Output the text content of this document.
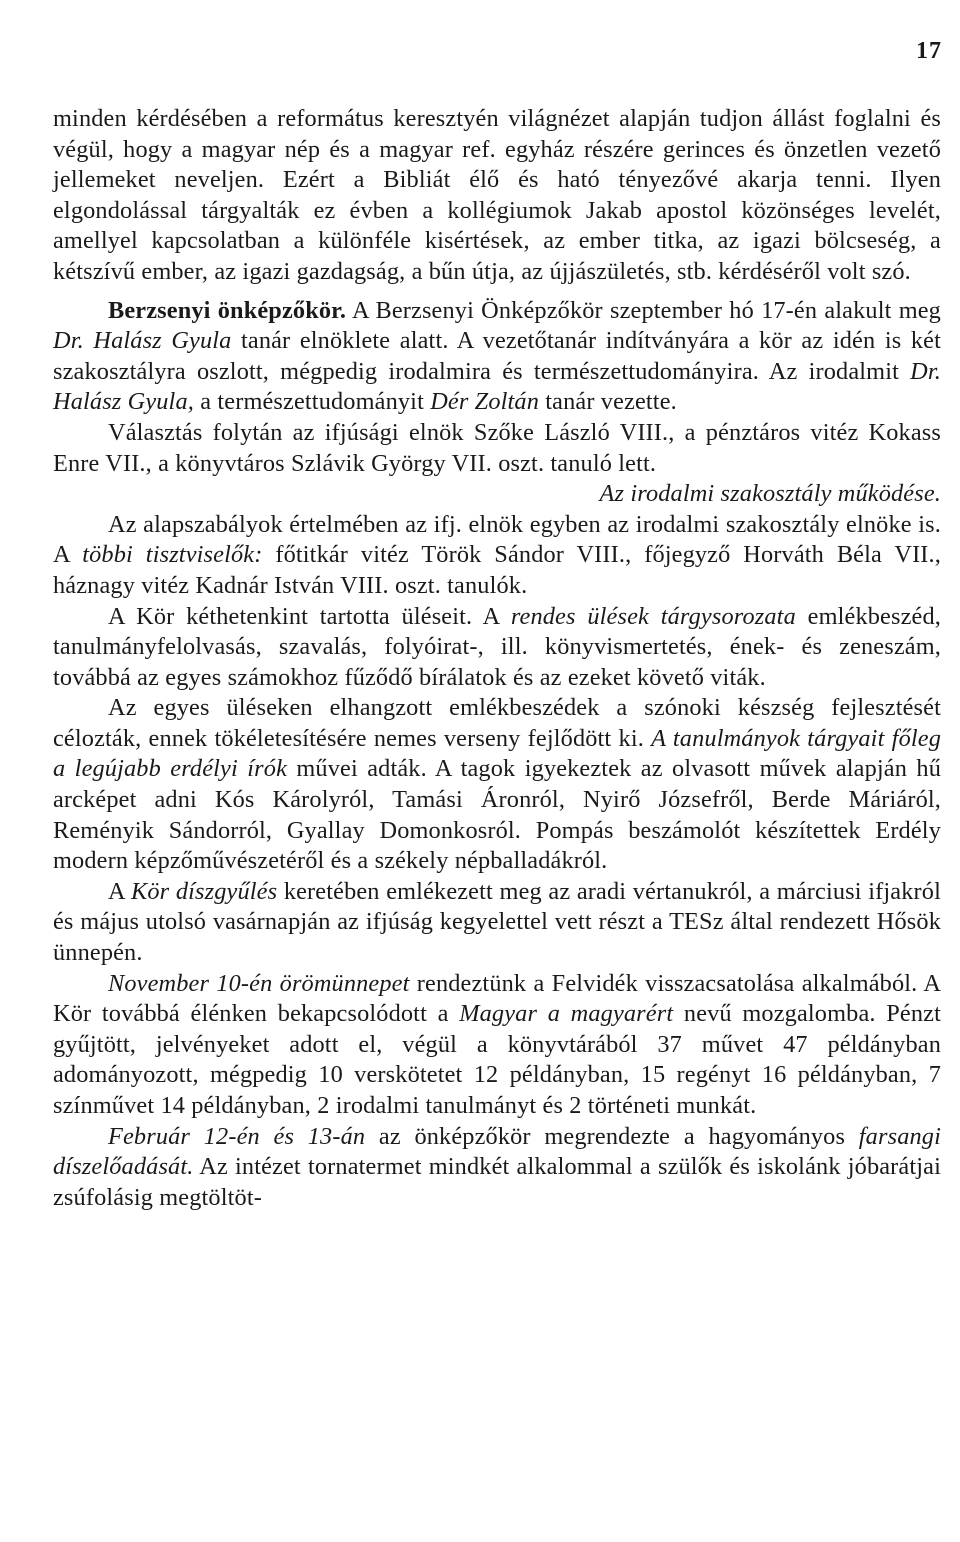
17

minden kérdésében a református keresztyén világnézet alapján tudjon állást foglalni és végül, hogy a magyar nép és a magyar ref. egyház részére gerinces és önzetlen vezető jellemeket neveljen. Ezért a Bibliát élő és ható tényezővé akarja tenni. Ilyen elgondolással tárgyalták ez évben a kollégiumok Jakab apostol közönséges levelét, amellyel kapcsolatban a különféle kisértések, az ember titka, az igazi bölcseség, a kétszívű ember, az igazi gazdagság, a bűn útja, az újjászületés, stb. kérdéséről volt szó.

Berzsenyi önképzőkör. A Berzsenyi Önképzőkör szeptember hó 17-én alakult meg Dr. Halász Gyula tanár elnöklete alatt. A vezetőtanár indítványára a kör az idén is két szakosztályra oszlott, mégpedig irodalmira és természettudományira. Az irodalmit Dr. Halász Gyula, a természettudományit Dér Zoltán tanár vezette.

Választás folytán az ifjúsági elnök Szőke László VIII., a pénztáros vitéz Kokass Enre VII., a könyvtáros Szlávik György VII. oszt. tanuló lett.

Az irodalmi szakosztály működése.

Az alapszabályok értelmében az ifj. elnök egyben az irodalmi szakosztály elnöke is. A többi tisztviselők: főtitkár vitéz Török Sándor VIII., főjegyző Horváth Béla VII., háznagy vitéz Kadnár István VIII. oszt. tanulók.

A Kör kéthetenkint tartotta üléseit. A rendes ülések tárgysorozata emlékbeszéd, tanulmányfelolvasás, szavalás, folyóirat-, ill. könyvismertetés, ének- és zeneszám, továbbá az egyes számokhoz fűződő bírálatok és az ezeket követő viták.

Az egyes üléseken elhangzott emlékbeszédek a szónoki készség fejlesztését célozták, ennek tökéletesítésére nemes verseny fejlődött ki. A tanulmányok tárgyait főleg a legújabb erdélyi írók művei adták. A tagok igyekeztek az olvasott művek alapján hű arcképet adni Kós Károlyról, Tamási Áronról, Nyirő Józsefről, Berde Máriáról, Reményik Sándorról, Gyallay Domonkosról. Pompás beszámolót készítettek Erdély modern képzőművészetéről és a székely népballadákról.

A Kör díszgyűlés keretében emlékezett meg az aradi vértanukról, a márciusi ifjakról és május utolsó vasárnapján az ifjúság kegyelettel vett részt a TESz által rendezett Hősök ünnepén.

November 10-én örömünnepet rendeztünk a Felvidék visszacsatolása alkalmából. A Kör továbbá élénken bekapcsolódott a Magyar a magyarért nevű mozgalomba. Pénzt gyűjtött, jelvényeket adott el, végül a könyvtárából 37 művet 47 példányban adományozott, mégpedig 10 verskötetet 12 példányban, 15 regényt 16 példányban, 7 színművet 14 példányban, 2 irodalmi tanulmányt és 2 történeti munkát.

Február 12-én és 13-án az önképzőkör megrendezte a hagyományos farsangi díszelőadását. Az intézet tornatermet mindkét alkalommal a szülők és iskolánk jóbarátjai zsúfolásig megtöltöt-
